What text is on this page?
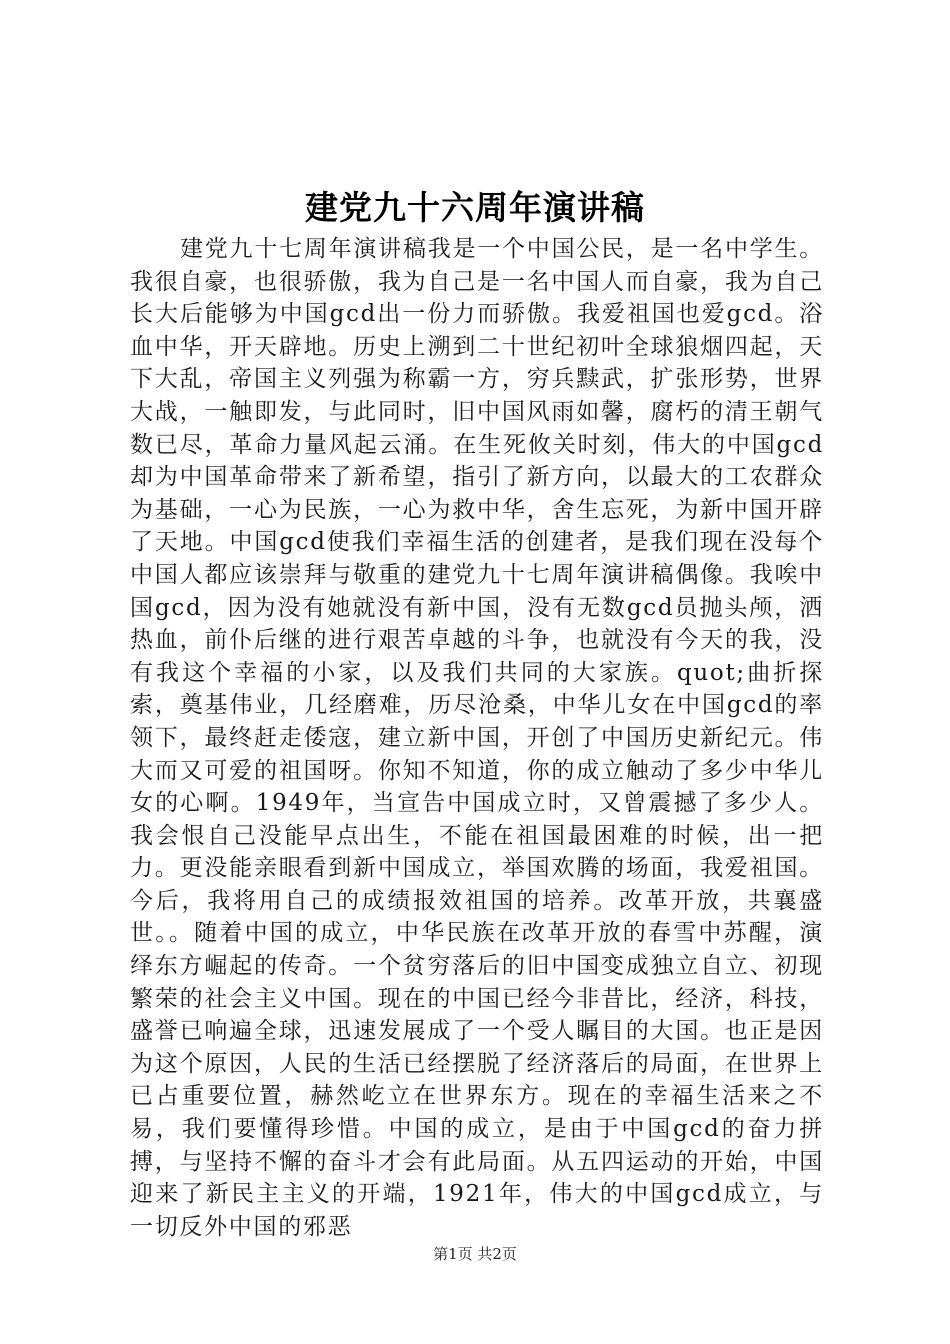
建党九十六周年演讲稿

建党九十七周年演讲稿我是一个中国公民，是一名中学生。我很自豪，也很骄傲，我为自己是一名中国人而自豪，我为自己长大后能够为中国gcd出一份力而骄傲。我爱祖国也爱gcd。浴血中华，开天辟地。历史上溯到二十世纪初叶全球狼烟四起，天下大乱，帝国主义列强为称霸一方，穷兵黩武，扩张形势，世界大战，一触即发，与此同时，旧中国风雨如馨，腐朽的清王朝气数已尽，革命力量风起云涌。在生死攸关时刻，伟大的中国gcd却为中国革命带来了新希望，指引了新方向，以最大的工农群众为基础，一心为民族，一心为救中华，舍生忘死，为新中国开辟了天地。中国gcd使我们幸福生活的创建者，是我们现在没每个中国人都应该崇拜与敬重的建党九十七周年演讲稿偶像。我唉中国gcd，因为没有她就没有新中国，没有无数gcd员抛头颅，洒热血，前仆后继的进行艰苦卓越的斗争，也就没有今天的我，没有我这个幸福的小家，以及我们共同的大家族。quot;曲折探索，奠基伟业，几经磨难，历尽沧桑，中华儿女在中国gcd的率领下，最终赶走倭寇，建立新中国，开创了中国历史新纪元。伟大而又可爱的祖国呀。你知不知道，你的成立触动了多少中华儿女的心啊。1949年，当宣告中国成立时，又曾震撼了多少人。我会恨自己没能早点出生，不能在祖国最困难的时候，出一把力。更没能亲眼看到新中国成立，举国欢腾的场面，我爱祖国。今后，我将用自己的成绩报效祖国的培养。改革开放，共襄盛世。。随着中国的成立，中华民族在改革开放的春雪中苏醒，演绎东方崛起的传奇。一个贫穷落后的旧中国变成独立自立、初现繁荣的社会主义中国。现在的中国已经今非昔比，经济，科技，盛誉已响遍全球，迅速发展成了一个受人瞩目的大国。也正是因为这个原因，人民的生活已经摆脱了经济落后的局面，在世界上已占重要位置，赫然屹立在世界东方。现在的幸福生活来之不易，我们要懂得珍惜。中国的成立，是由于中国gcd的奋力拼搏，与坚持不懈的奋斗才会有此局面。从五四运动的开始，中国迎来了新民主主义的开端，1921年，伟大的中国gcd成立，与一切反外中国的邪恶

第1页 共2页
